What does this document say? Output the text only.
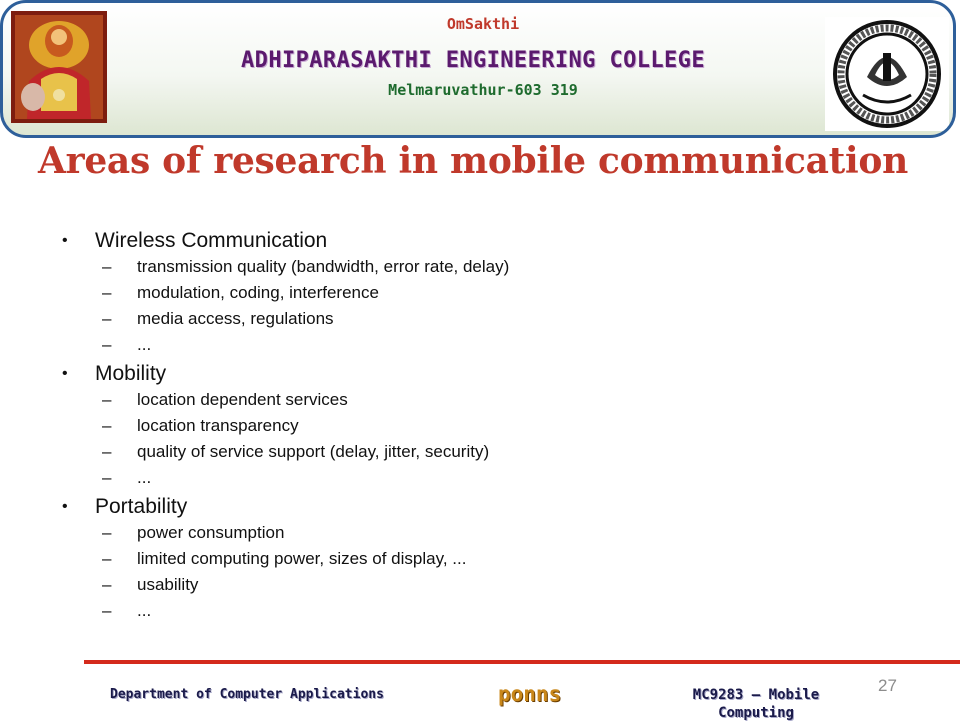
OmSakthi
ADHIPARASAKTHI ENGINEERING COLLEGE
Melmaruvathur-603 319
Areas of research in mobile communication
• Wireless Communication
– transmission quality (bandwidth, error rate, delay)
– modulation, coding, interference
– media access, regulations
– ...
• Mobility
– location dependent services
– location transparency
– quality of service support (delay, jitter, security)
– ...
• Portability
– power consumption
– limited computing power, sizes of display, ...
– usability
– ...
Department of Computer Applications	ponns	MC9283 – Mobile Computing
27
